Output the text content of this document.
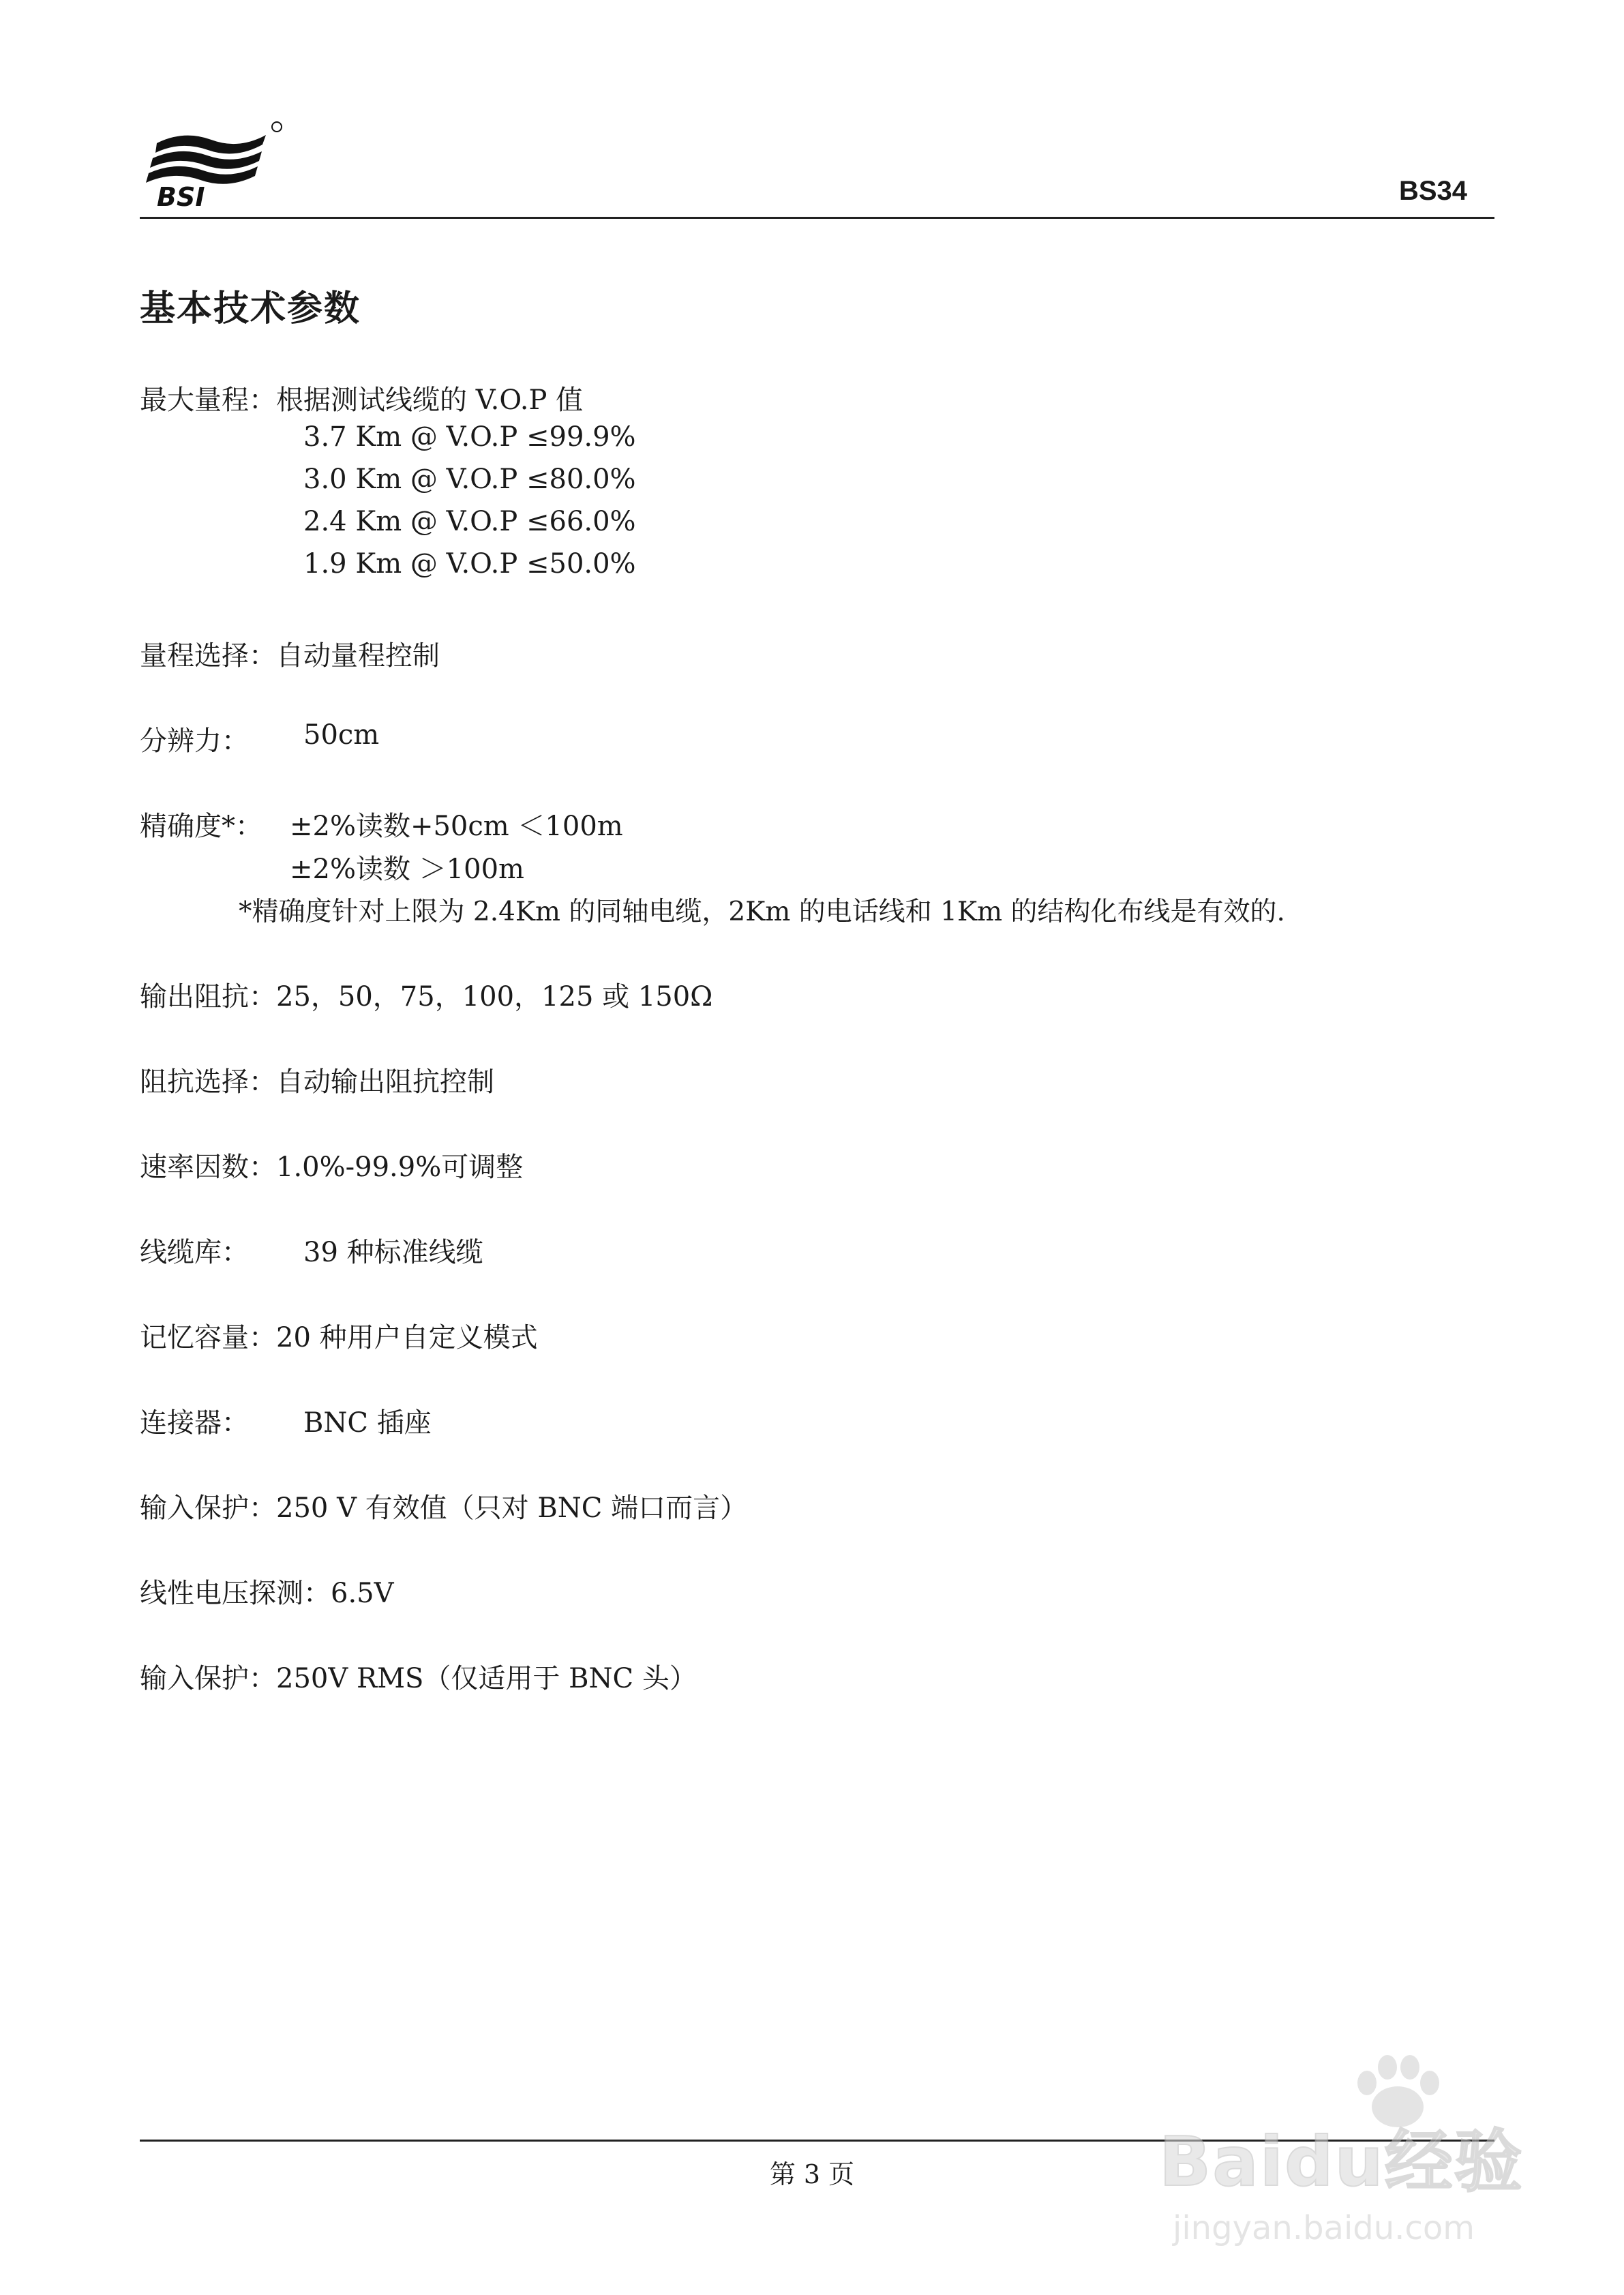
BSI	BS34
基本技术参数
最大量程：根据测试线缆的 V.O.P 值
3.7 Km @ V.O.P ≤99.9%
3.0 Km @ V.O.P ≤80.0%
2.4 Km @ V.O.P ≤66.0%
1.9 Km @ V.O.P ≤50.0%
量程选择：自动量程控制
分辨力： 50cm
精确度*： ±2%读数+50cm ＜100m
±2%读数 ＞100m
*精确度针对上限为 2.4Km 的同轴电缆，2Km 的电话线和 1Km 的结构化布线是有效的.
输出阻抗：25，50，75，100，125 或 150Ω
阻抗选择：自动输出阻抗控制
速率因数：1.0%-99.9%可调整
线缆库： 39 种标准线缆
记忆容量：20 种用户自定义模式
连接器： BNC 插座
输入保护：250 V 有效值（只对 BNC 端口而言）
线性电压探测：6.5V
输入保护：250V RMS（仅适用于 BNC 头）
第 3 页	Baidu经验
jingyan.baidu.com
